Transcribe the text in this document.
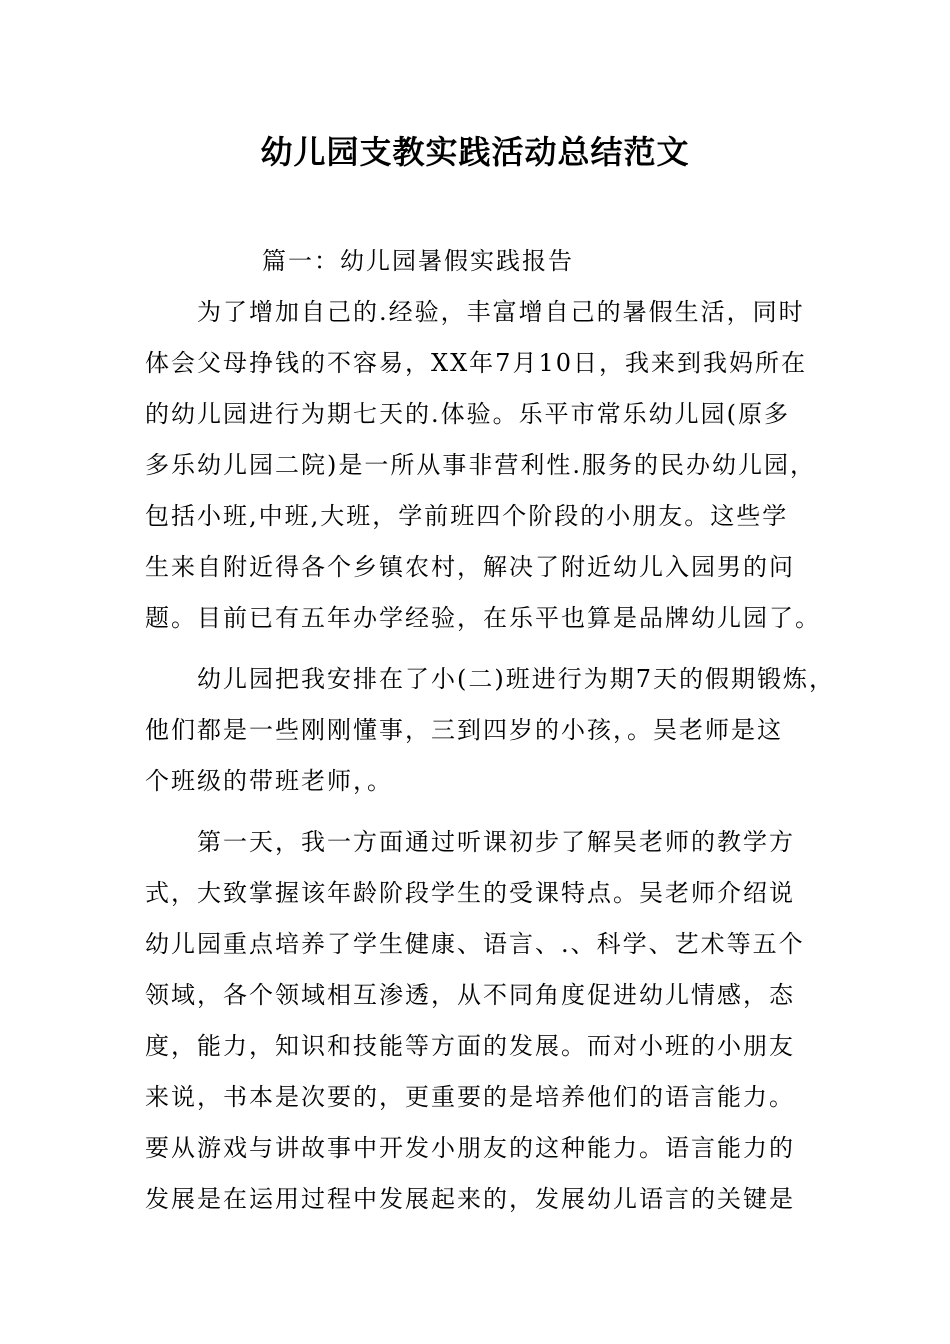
幼儿园支教实践活动总结范文
篇一：幼儿园暑假实践报告
为了增加自己的.经验，丰富增自己的暑假生活，同时
体会父母挣钱的不容易，XX年7月10日，我来到我妈所在
的幼儿园进行为期七天的.体验。乐平市常乐幼儿园(原多
多乐幼儿园二院)是一所从事非营利性.服务的民办幼儿园，
包括小班,中班,大班，学前班四个阶段的小朋友。这些学
生来自附近得各个乡镇农村，解决了附近幼儿入园男的问
题。目前已有五年办学经验，在乐平也算是品牌幼儿园了。
幼儿园把我安排在了小(二)班进行为期7天的假期锻炼，
他们都是一些刚刚懂事，三到四岁的小孩，。吴老师是这
个班级的带班老师，。
第一天，我一方面通过听课初步了解吴老师的教学方
式，大致掌握该年龄阶段学生的受课特点。吴老师介绍说
幼儿园重点培养了学生健康、语言、.、科学、艺术等五个
领域，各个领域相互渗透，从不同角度促进幼儿情感，态
度，能力，知识和技能等方面的发展。而对小班的小朋友
来说，书本是次要的，更重要的是培养他们的语言能力。
要从游戏与讲故事中开发小朋友的这种能力。语言能力的
发展是在运用过程中发展起来的，发展幼儿语言的关键是
